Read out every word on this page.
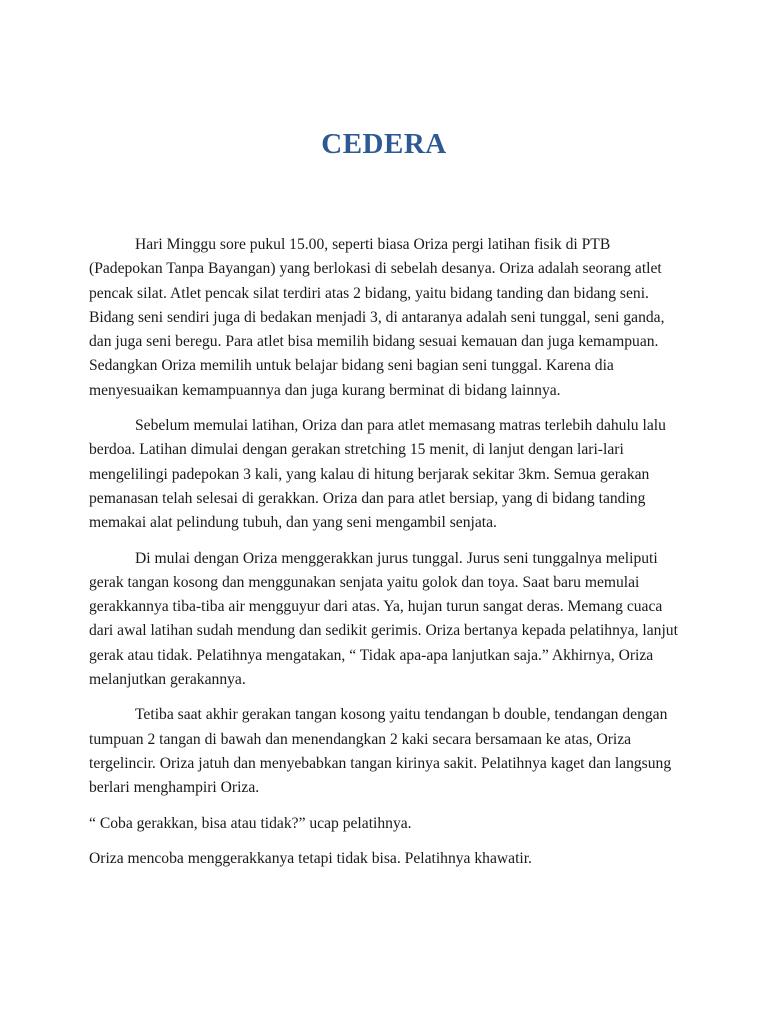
CEDERA

Hari Minggu sore pukul 15.00, seperti biasa Oriza pergi latihan fisik di PTB (Padepokan Tanpa Bayangan) yang berlokasi di sebelah desanya. Oriza adalah seorang atlet pencak silat. Atlet pencak silat terdiri atas 2 bidang, yaitu bidang tanding dan bidang seni. Bidang seni sendiri juga di bedakan menjadi 3, di antaranya adalah seni tunggal, seni ganda, dan juga seni beregu. Para atlet bisa memilih bidang sesuai kemauan dan juga kemampuan. Sedangkan Oriza memilih untuk belajar bidang seni bagian seni tunggal. Karena dia menyesuaikan kemampuannya dan juga kurang berminat di bidang lainnya.

Sebelum memulai latihan, Oriza dan para atlet memasang matras terlebih dahulu lalu berdoa. Latihan dimulai dengan gerakan stretching 15 menit, di lanjut dengan lari-lari mengelilingi padepokan 3 kali, yang kalau di hitung berjarak sekitar 3km. Semua gerakan pemanasan telah selesai di gerakkan. Oriza dan para atlet bersiap, yang di bidang tanding memakai alat pelindung tubuh, dan yang seni mengambil senjata.

Di mulai dengan Oriza menggerakkan jurus tunggal. Jurus seni tunggalnya meliputi gerak tangan kosong dan menggunakan senjata yaitu golok dan toya. Saat baru memulai gerakkannya tiba-tiba air mengguyur dari atas. Ya, hujan turun sangat deras. Memang cuaca dari awal latihan sudah mendung dan sedikit gerimis. Oriza bertanya kepada pelatihnya, lanjut gerak atau tidak. Pelatihnya mengatakan, “ Tidak apa-apa lanjutkan saja.” Akhirnya, Oriza melanjutkan gerakannya.

Tetiba saat akhir gerakan tangan kosong yaitu tendangan b double, tendangan dengan tumpuan 2 tangan di bawah dan menendangkan 2 kaki secara bersamaan ke atas, Oriza tergelincir. Oriza jatuh dan menyebabkan tangan kirinya sakit. Pelatihnya kaget dan langsung berlari menghampiri Oriza.

“ Coba gerakkan, bisa atau tidak?” ucap pelatihnya.

Oriza mencoba menggerakkanya tetapi tidak bisa. Pelatihnya khawatir.
